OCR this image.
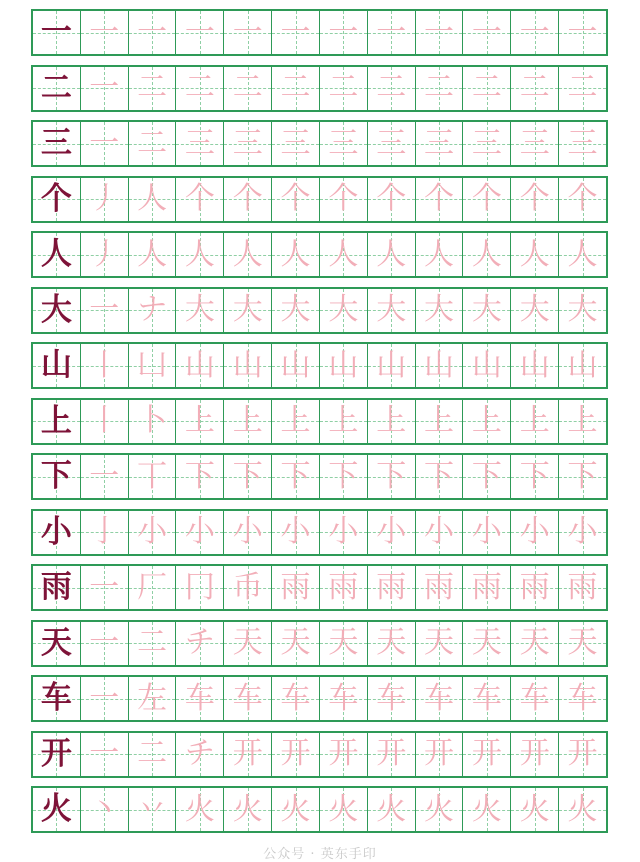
一 一 一 一 一 一 一 一 一 一 一 一
二 一 二 二 二 二 二 二 二 二 二 二
三 一 二 三 三 三 三 三 三 三 三 三
个 丿 人 个 个 个 个 个 个 个 个 个
人 丿 人 人 人 人 人 人 人 人 人 人
大 一 ナ 大 大 大 大 大 大 大 大 大
山 丨 凵 山 山 山 山 山 山 山 山 山
上 丨 卜 上 上 上 上 上 上 上 上 上
下 一 丅 下 下 下 下 下 下 下 下 下
小 亅 小 小 小 小 小 小 小 小 小 小
雨 一 厂 冂 币 雨 雨 雨 雨 雨 雨 雨
天 一 二 チ 天 天 天 天 天 天 天 天
车 一 左 车 车 车 车 车 车 车 车 车
开 一 二 チ 开 开 开 开 开 开 开 开
火 丶 丷 火 火 火 火 火 火 火 火 火
公众号 · 英东手印
